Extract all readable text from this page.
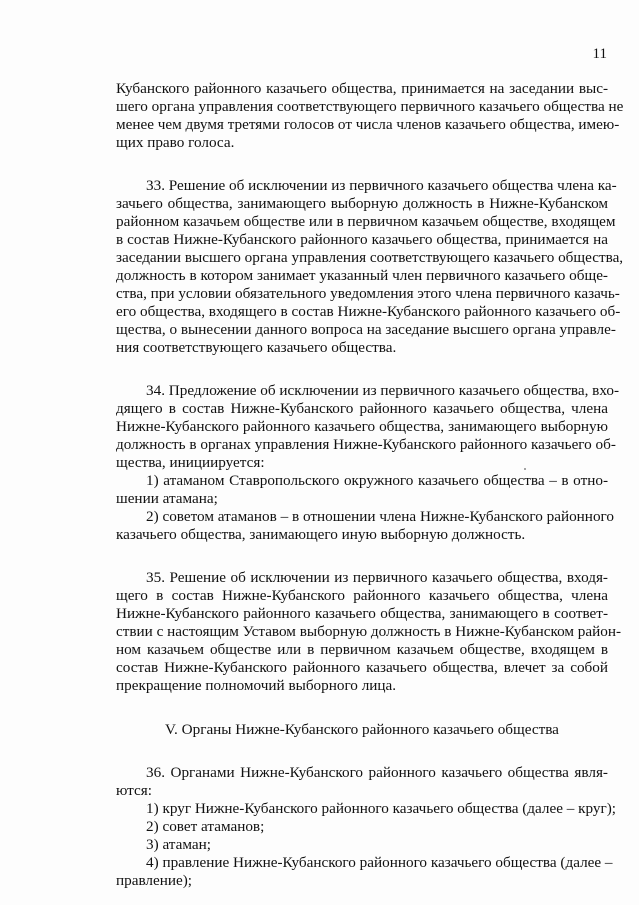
11
Кубанского районного казачьего общества, принимается на заседании выс-
шего органа управления соответствующего первичного казачьего общества не
менее чем двумя третями голосов от числа членов казачьего общества, имею-
щих право голоса.
33. Решение об исключении из первичного казачьего общества члена ка-
зачьего общества, занимающего выборную должность в Нижне-Кубанском
районном казачьем обществе или в первичном казачьем обществе, входящем
в состав Нижне-Кубанского районного казачьего общества, принимается на
заседании высшего органа управления соответствующего казачьего общества,
должность в котором занимает указанный член первичного казачьего обще-
ства, при условии обязательного уведомления этого члена первичного казачь-
его общества, входящего в состав Нижне-Кубанского районного казачьего об-
щества, о вынесении данного вопроса на заседание высшего органа управле-
ния соответствующего казачьего общества.
34. Предложение об исключении из первичного казачьего общества, вхо-
дящего в состав Нижне-Кубанского районного казачьего общества, члена
Нижне-Кубанского районного казачьего общества, занимающего выборную
должность в органах управления Нижне-Кубанского районного казачьего об-
щества, инициируется:
1) атаманом Ставропольского окружного казачьего общества – в отно-
шении атамана;
2) советом атаманов – в отношении члена Нижне-Кубанского районного
казачьего общества, занимающего иную выборную должность.
35. Решение об исключении из первичного казачьего общества, входя-
щего в состав Нижне-Кубанского районного казачьего общества, члена
Нижне-Кубанского районного казачьего общества, занимающего в соответ-
ствии с настоящим Уставом выборную должность в Нижне-Кубанском район-
ном казачьем обществе или в первичном казачьем обществе, входящем в
состав Нижне-Кубанского районного казачьего общества, влечет за собой
прекращение полномочий выборного лица.
V. Органы Нижне-Кубанского районного казачьего общества
36. Органами Нижне-Кубанского районного казачьего общества явля-
ются:
1) круг Нижне-Кубанского районного казачьего общества (далее – круг);
2) совет атаманов;
3) атаман;
4) правление Нижне-Кубанского районного казачьего общества (далее –
правление);
